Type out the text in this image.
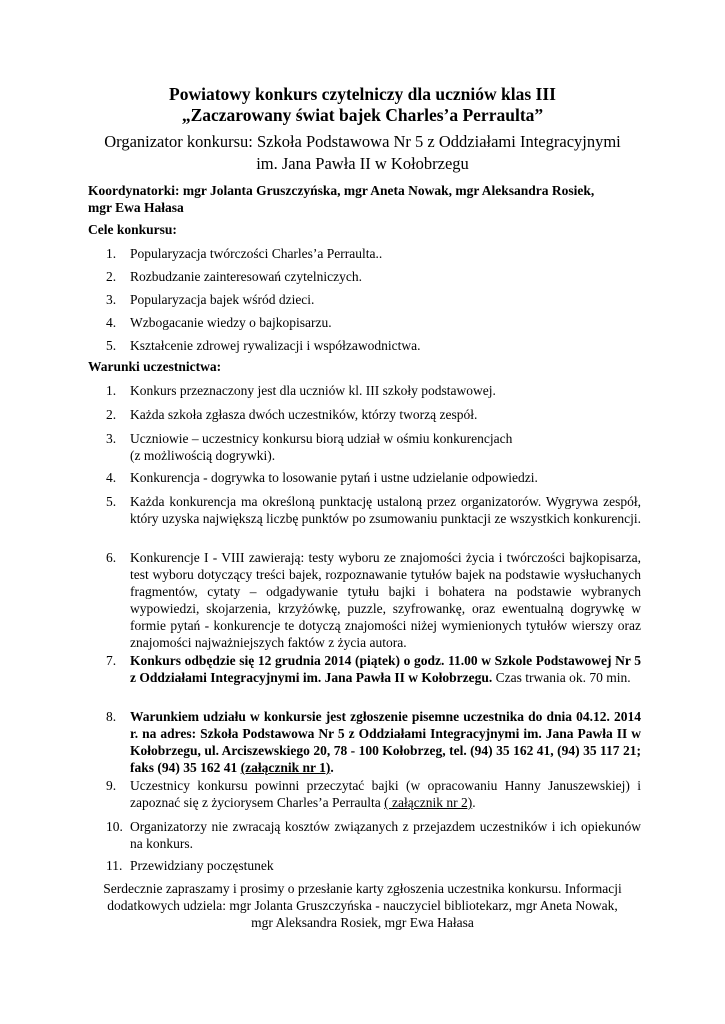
Powiatowy konkurs czytelniczy dla uczniów klas III
„Zaczarowany świat bajek Charles’a Perraulta”
Organizator konkursu: Szkoła Podstawowa Nr 5 z Oddziałami Integracyjnymi
im. Jana Pawła II w Kołobrzegu
Koordynatorki: mgr Jolanta Gruszczyńska, mgr Aneta Nowak, mgr Aleksandra Rosiek,
mgr Ewa Hałasa
Cele konkursu:
1.	Popularyzacja twórczości Charles’a Perraulta..
2.	Rozbudzanie zainteresowań czytelniczych.
3.	Popularyzacja bajek wśród dzieci.
4.	Wzbogacanie wiedzy o bajkopisarzu.
5.	Kształcenie zdrowej rywalizacji i współzawodnictwa.
Warunki uczestnictwa:
1.	Konkurs przeznaczony jest dla uczniów kl. III szkoły podstawowej.
2.	Każda szkoła zgłasza dwóch uczestników, którzy tworzą zespół.
3.	Uczniowie – uczestnicy konkursu biorą udział w ośmiu konkurencjach
(z możliwością dogrywki).
4.	Konkurencja - dogrywka to losowanie pytań i ustne udzielanie odpowiedzi.
5.	Każda konkurencja ma określoną punktację ustaloną przez organizatorów. Wygrywa zespół, który uzyska największą liczbę punktów po zsumowaniu punktacji ze wszystkich konkurencji.
6.	Konkurencje I - VIII zawierają: testy wyboru ze znajomości życia i twórczości bajkopisarza, test wyboru dotyczący treści bajek, rozpoznawanie tytułów bajek na podstawie wysłuchanych fragmentów, cytaty – odgadywanie tytułu bajki i bohatera na podstawie wybranych wypowiedzi, skojarzenia, krzyżówkę, puzzle, szyfrowankę, oraz ewentualną dogrywkę w formie pytań - konkurencje te dotyczą znajomości niżej wymienionych tytułów wierszy oraz znajomości najważniejszych faktów z życia autora.
7.	Konkurs odbędzie się 12 grudnia 2014 (piątek) o godz. 11.00 w Szkole Podstawowej Nr 5 z Oddziałami Integracyjnymi im. Jana Pawła II w Kołobrzegu. Czas trwania ok. 70 min.
8.	Warunkiem udziału w konkursie jest zgłoszenie pisemne uczestnika do dnia 04.12. 2014 r. na adres: Szkoła Podstawowa Nr 5 z Oddziałami Integracyjnymi im. Jana Pawła II w Kołobrzegu, ul. Arciszewskiego 20, 78 - 100 Kołobrzeg, tel. (94) 35 162 41, (94) 35 117 21; faks (94) 35 162 41 (załącznik nr 1).
9.	Uczestnicy konkursu powinni przeczytać bajki (w opracowaniu Hanny Januszewskiej) i zapoznać się z życiorysem Charles’a Perraulta ( załącznik nr 2).
10. Organizatorzy nie zwracają kosztów związanych z przejazdem uczestników i ich opiekunów na konkurs.
11. Przewidziany poczęstunek
Serdecznie zapraszamy i prosimy o przesłanie karty zgłoszenia uczestnika konkursu. Informacji
dodatkowych udziela: mgr Jolanta Gruszczyńska - nauczyciel bibliotekarz, mgr Aneta Nowak,
mgr Aleksandra Rosiek, mgr Ewa Hałasa
